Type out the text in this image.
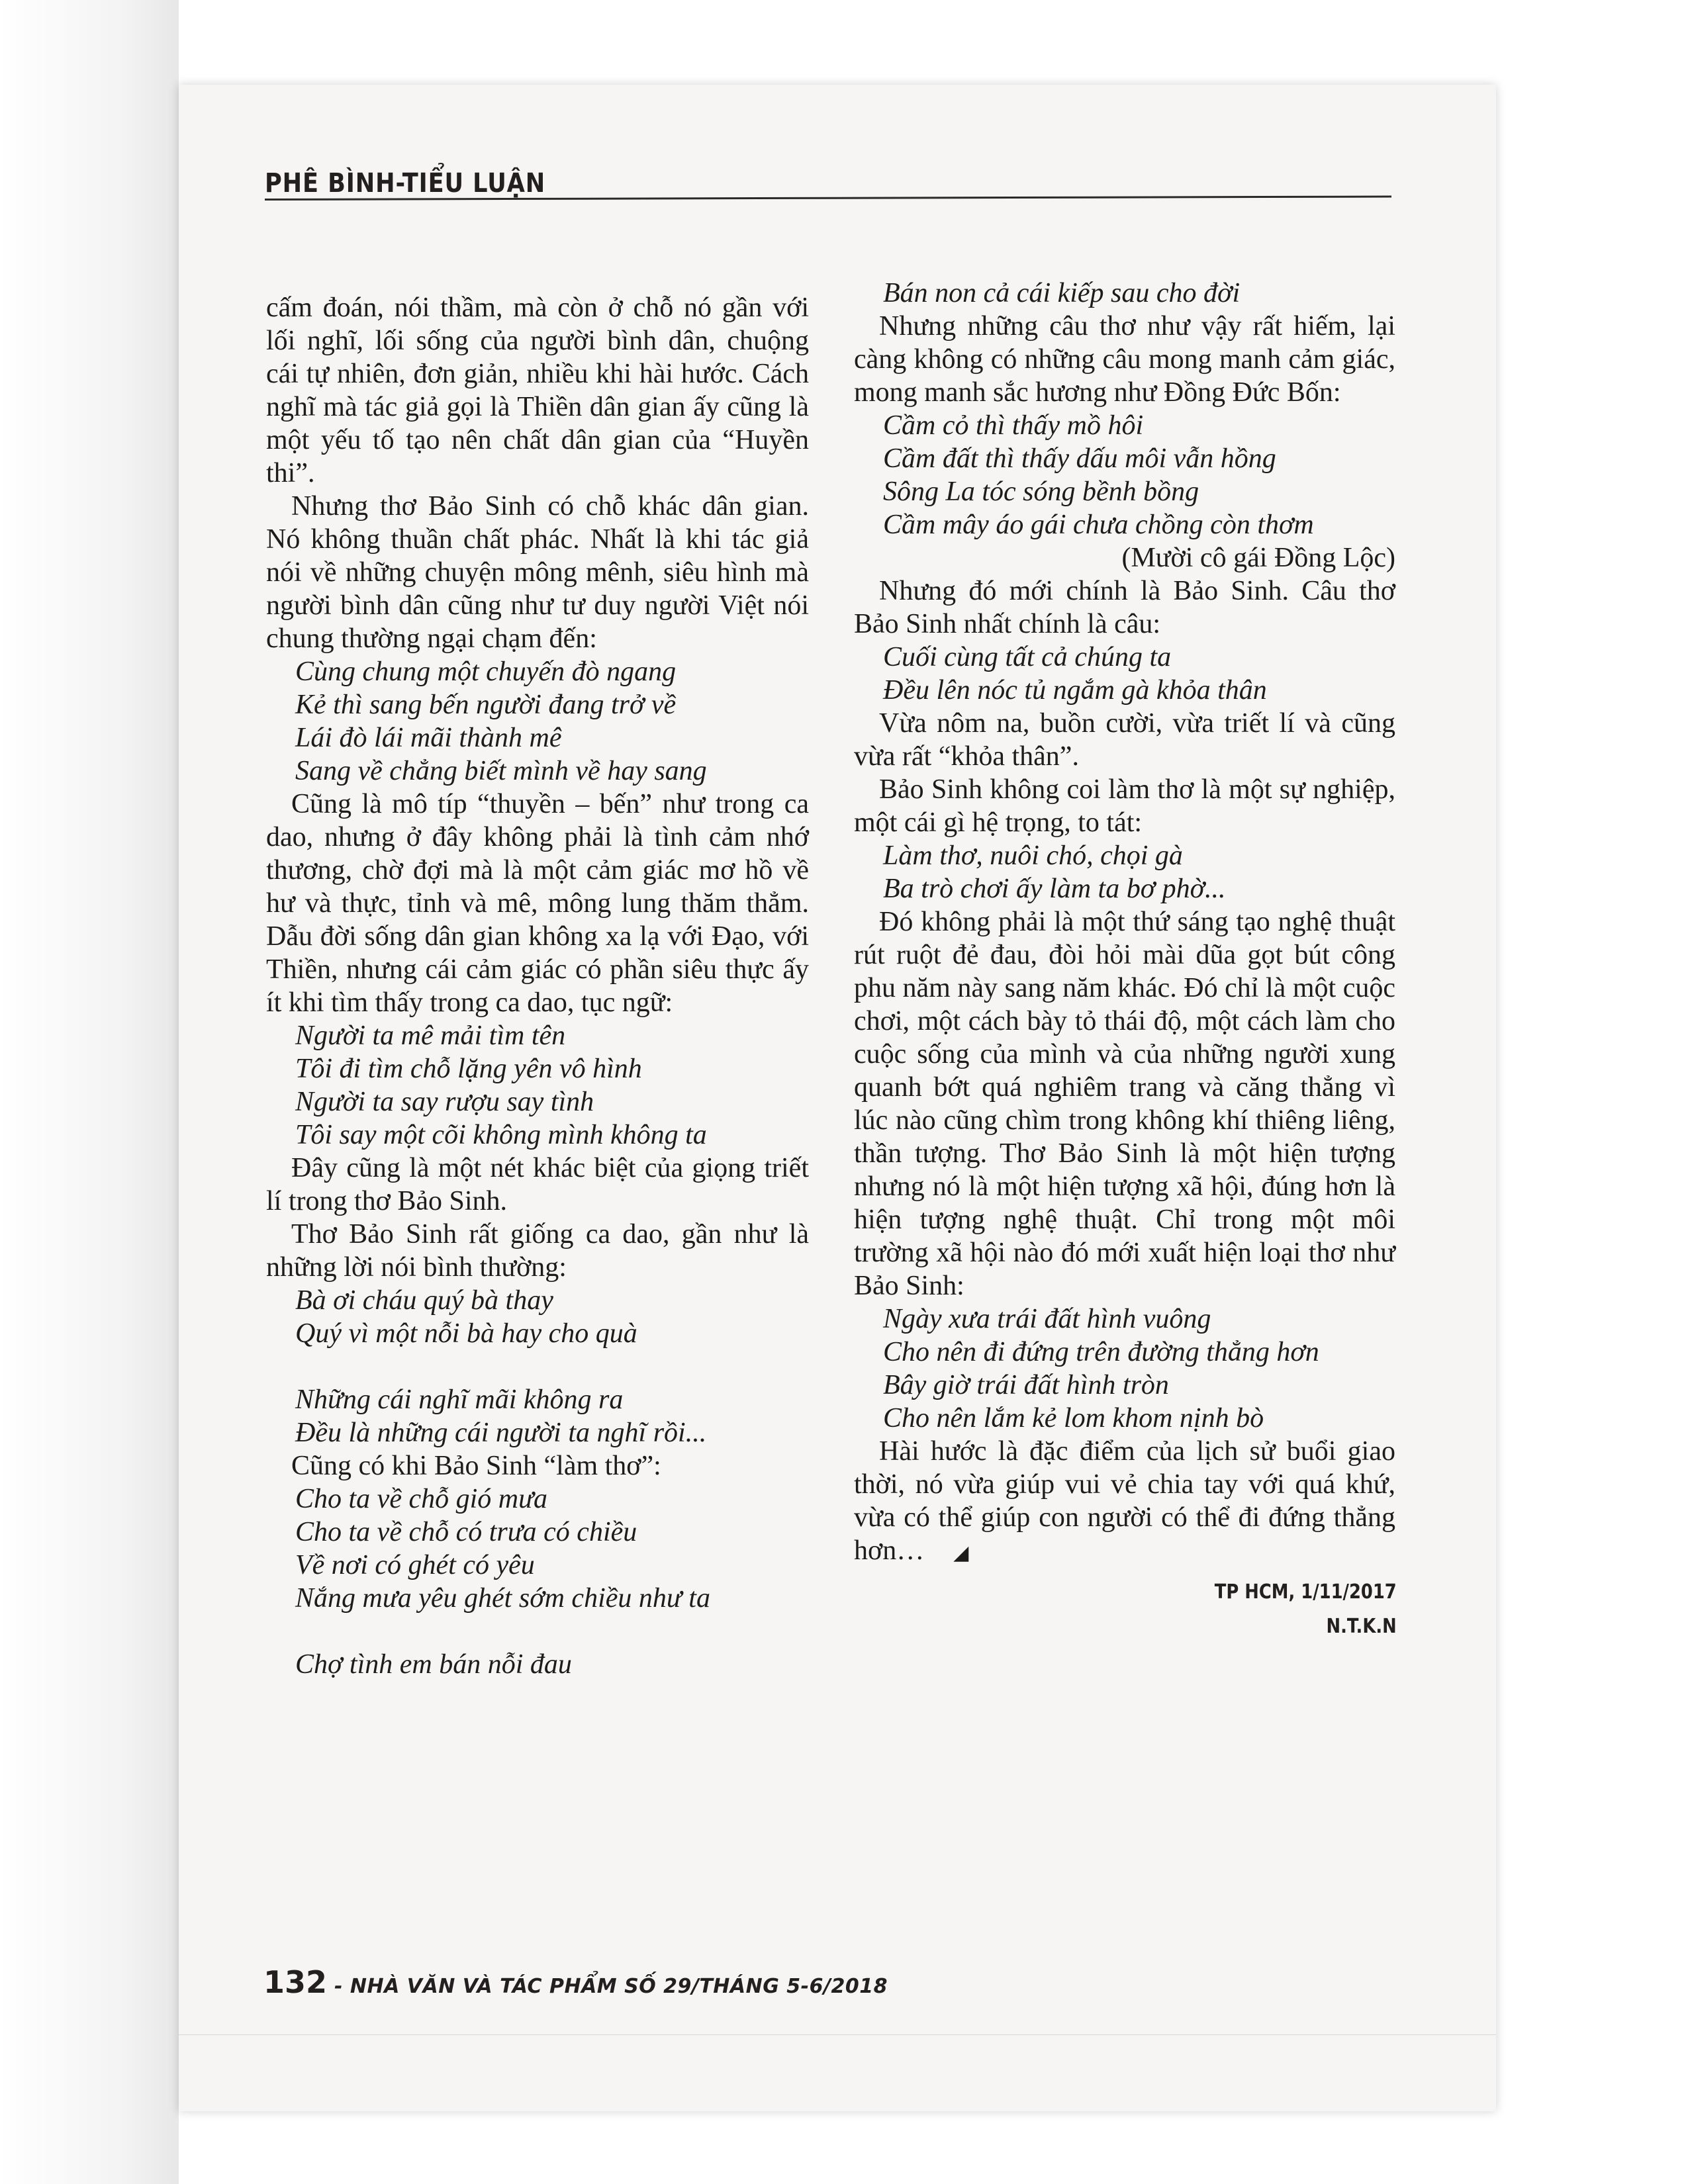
PHÊ BÌNH-TIỂU LUẬN

cấm đoán, nói thầm, mà còn ở chỗ nó gần với lối nghĩ, lối sống của người bình dân, chuộng cái tự nhiên, đơn giản, nhiều khi hài hước. Cách nghĩ mà tác giả gọi là Thiền dân gian ấy cũng là một yếu tố tạo nên chất dân gian của “Huyền thi”.

Nhưng thơ Bảo Sinh có chỗ khác dân gian. Nó không thuần chất phác. Nhất là khi tác giả nói về những chuyện mông mênh, siêu hình mà người bình dân cũng như tư duy người Việt nói chung thường ngại chạm đến:

Cùng chung một chuyến đò ngang

Kẻ thì sang bến người đang trở về

Lái đò lái mãi thành mê

Sang về chẳng biết mình về hay sang

Cũng là mô típ “thuyền – bến” như trong ca dao, nhưng ở đây không phải là tình cảm nhớ thương, chờ đợi mà là một cảm giác mơ hồ về hư và thực, tỉnh và mê, mông lung thăm thẳm. Dẫu đời sống dân gian không xa lạ với Đạo, với Thiền, nhưng cái cảm giác có phần siêu thực ấy ít khi tìm thấy trong ca dao, tục ngữ:

Người ta mê mải tìm tên

Tôi đi tìm chỗ lặng yên vô hình

Người ta say rượu say tình

Tôi say một cõi không mình không ta

Đây cũng là một nét khác biệt của giọng triết lí trong thơ Bảo Sinh.

Thơ Bảo Sinh rất giống ca dao, gần như là những lời nói bình thường:

Bà ơi cháu quý bà thay

Quý vì một nỗi bà hay cho quà

Những cái nghĩ mãi không ra

Đều là những cái người ta nghĩ rồi...

Cũng có khi Bảo Sinh “làm thơ”:

Cho ta về chỗ gió mưa

Cho ta về chỗ có trưa có chiều

Về nơi có ghét có yêu

Nắng mưa yêu ghét sớm chiều như ta

Chợ tình em bán nỗi đau

Bán non cả cái kiếp sau cho đời

Nhưng những câu thơ như vậy rất hiếm, lại càng không có những câu mong manh cảm giác, mong manh sắc hương như Đồng Đức Bốn:

Cầm cỏ thì thấy mồ hôi

Cầm đất thì thấy dấu môi vẫn hồng

Sông La tóc sóng bềnh bồng

Cầm mây áo gái chưa chồng còn thơm

(Mười cô gái Đồng Lộc)

Nhưng đó mới chính là Bảo Sinh. Câu thơ Bảo Sinh nhất chính là câu:

Cuối cùng tất cả chúng ta

Đều lên nóc tủ ngắm gà khỏa thân

Vừa nôm na, buồn cười, vừa triết lí và cũng vừa rất “khỏa thân”.

Bảo Sinh không coi làm thơ là một sự nghiệp, một cái gì hệ trọng, to tát:

Làm thơ, nuôi chó, chọi gà

Ba trò chơi ấy làm ta bơ phờ...

Đó không phải là một thứ sáng tạo nghệ thuật rút ruột đẻ đau, đòi hỏi mài dũa gọt bút công phu năm này sang năm khác. Đó chỉ là một cuộc chơi, một cách bày tỏ thái độ, một cách làm cho cuộc sống của mình và của những người xung quanh bớt quá nghiêm trang và căng thẳng vì lúc nào cũng chìm trong không khí thiêng liêng, thần tượng. Thơ Bảo Sinh là một hiện tượng nhưng nó là một hiện tượng xã hội, đúng hơn là hiện tượng nghệ thuật. Chỉ trong một môi trường xã hội nào đó mới xuất hiện loại thơ như Bảo Sinh:

Ngày xưa trái đất hình vuông

Cho nên đi đứng trên đường thẳng hơn

Bây giờ trái đất hình tròn

Cho nên lắm kẻ lom khom nịnh bò

Hài hước là đặc điểm của lịch sử buổi giao thời, nó vừa giúp vui vẻ chia tay với quá khứ, vừa có thể giúp con người có thể đi đứng thẳng hơn… ◢

TP HCM, 1/11/2017
N.T.K.N
132 - NHÀ VĂN VÀ TÁC PHẨM SỐ 29/THÁNG 5-6/2018
